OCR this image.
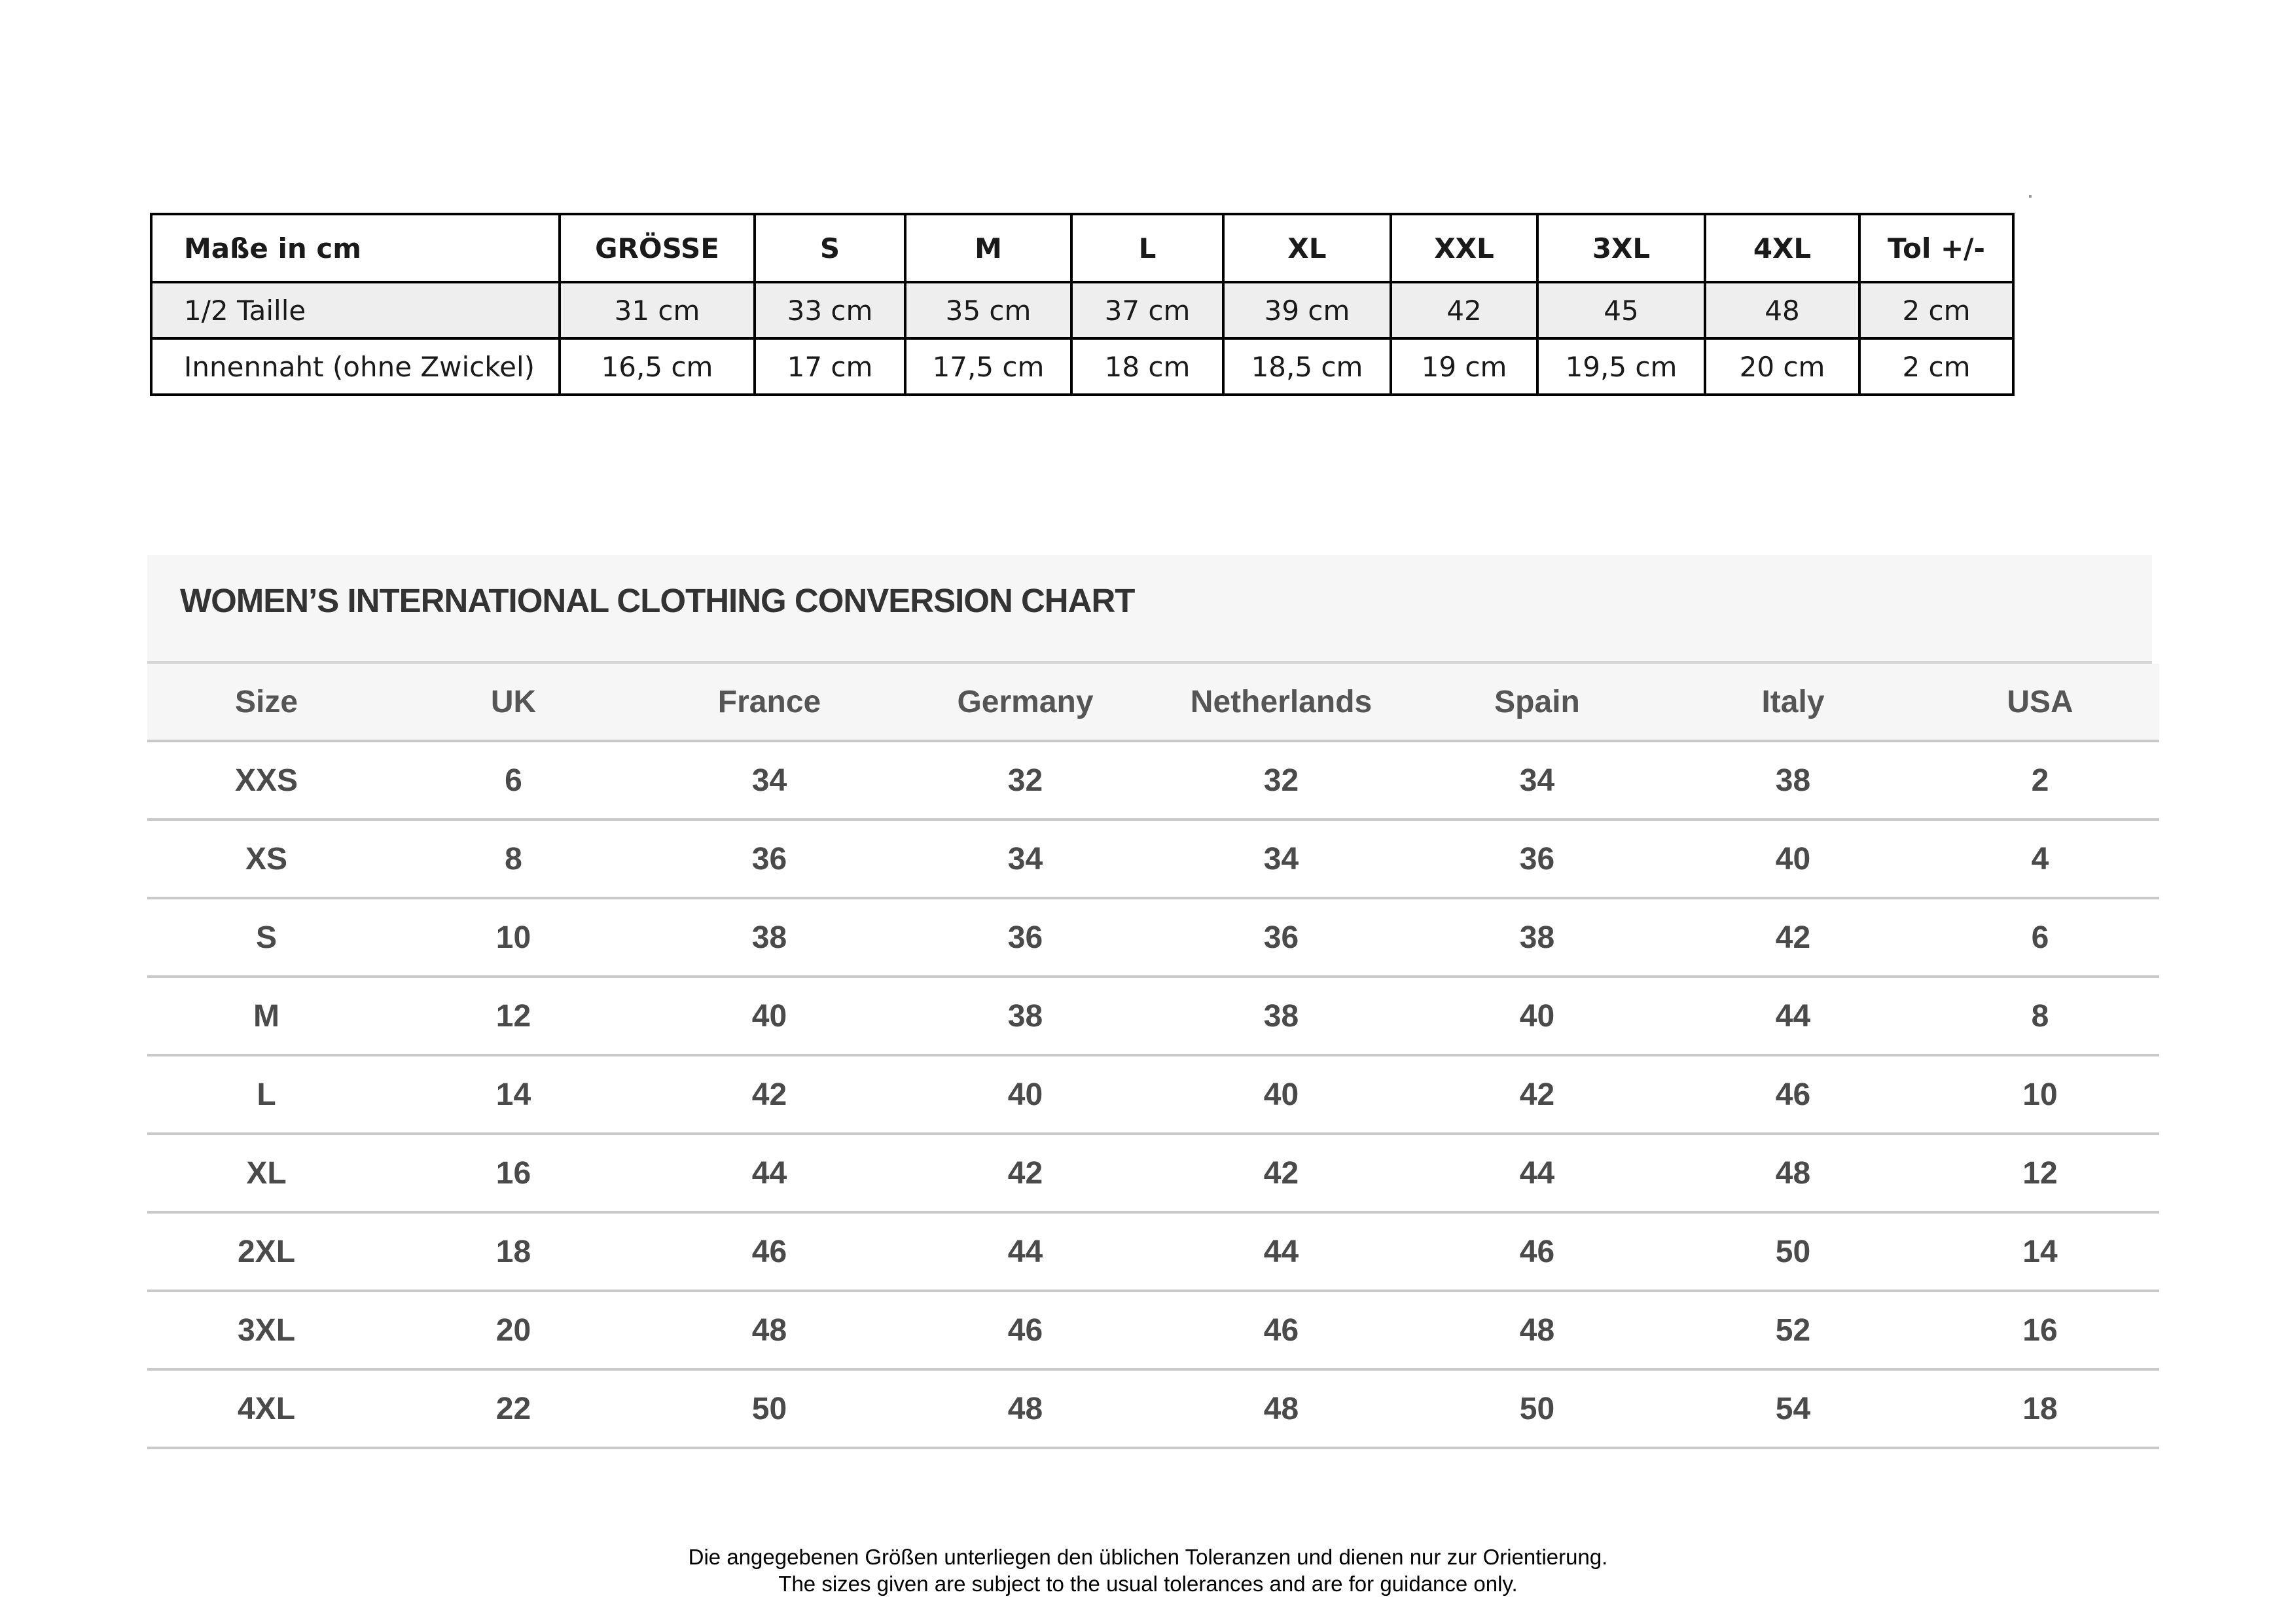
Maße in cm	GRÖSSE	S	M	L	XL	XXL	3XL	4XL	Tol +/-
1/2 Taille	31 cm	33 cm	35 cm	37 cm	39 cm	42	45	48	2 cm
Innennaht (ohne Zwickel)	16,5 cm	17 cm	17,5 cm	18 cm	18,5 cm	19 cm	19,5 cm	20 cm	2 cm
WOMEN’S INTERNATIONAL CLOTHING CONVERSION CHART
Size	UK	France	Germany	Netherlands	Spain	Italy	USA
XXS	6	34	32	32	34	38	2
XS	8	36	34	34	36	40	4
S	10	38	36	36	38	42	6
M	12	40	38	38	40	44	8
L	14	42	40	40	42	46	10
XL	16	44	42	42	44	48	12
2XL	18	46	44	44	46	50	14
3XL	20	48	46	46	48	52	16
4XL	22	50	48	48	50	54	18
Die angegebenen Größen unterliegen den üblichen Toleranzen und dienen nur zur Orientierung.
The sizes given are subject to the usual tolerances and are for guidance only.
